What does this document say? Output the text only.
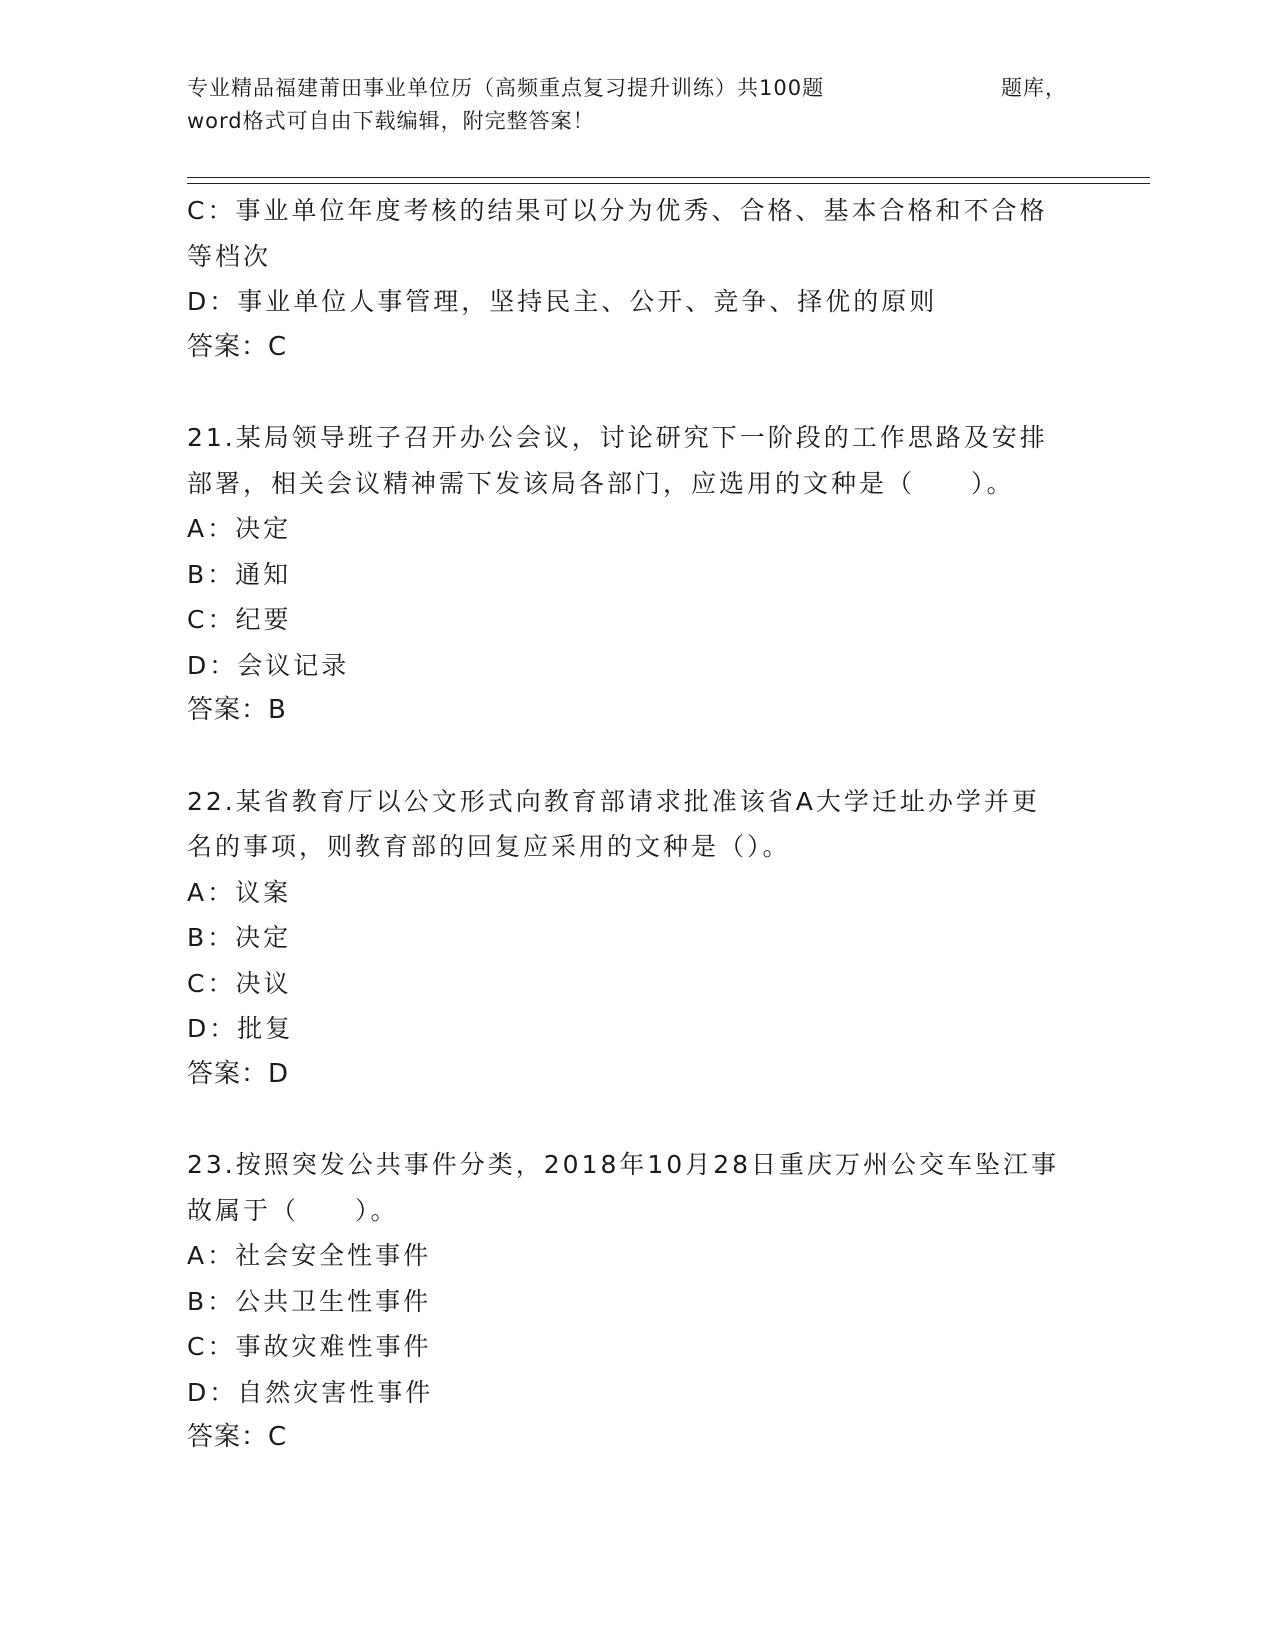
专业精品福建莆田事业单位历（高频重点复习提升训练）共100题	题库，
word格式可自由下载编辑，附完整答案！
C：事业单位年度考核的结果可以分为优秀、合格、基本合格和不合格
等档次
D：事业单位人事管理，坚持民主、公开、竞争、择优的原则
答案：C
21.某局领导班子召开办公会议，讨论研究下一阶段的工作思路及安排
部署，相关会议精神需下发该局各部门，应选用的文种是（　　）。
A：决定
B：通知
C：纪要
D：会议记录
答案：B
22.某省教育厅以公文形式向教育部请求批准该省A大学迁址办学并更
名的事项，则教育部的回复应采用的文种是（）。
A：议案
B：决定
C：决议
D：批复
答案：D
23.按照突发公共事件分类，2018年10月28日重庆万州公交车坠江事
故属于（　　）。
A：社会安全性事件
B：公共卫生性事件
C：事故灾难性事件
D：自然灾害性事件
答案：C
